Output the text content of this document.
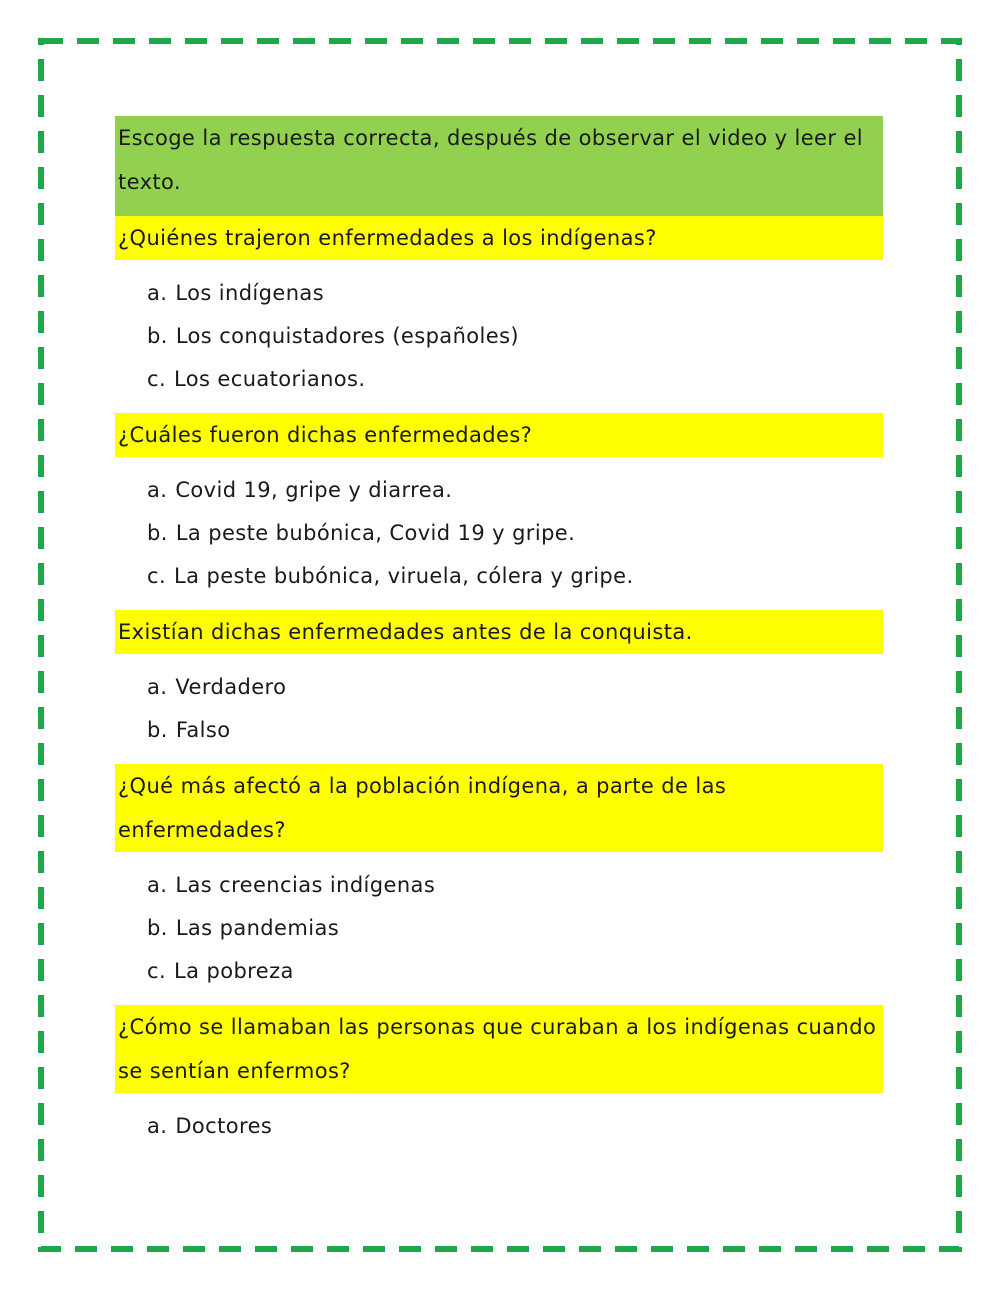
Escoge la respuesta correcta, después de observar el video y leer el texto.
¿Quiénes trajeron enfermedades a los indígenas?
a. Los indígenas
b. Los conquistadores (españoles)
c. Los ecuatorianos.
¿Cuáles fueron dichas enfermedades?
a. Covid 19, gripe y diarrea.
b. La peste bubónica, Covid 19 y gripe.
c. La peste bubónica, viruela, cólera y gripe.
Existían dichas enfermedades antes de la conquista.
a. Verdadero
b. Falso
¿Qué más afectó a la población indígena, a parte de las enfermedades?
a. Las creencias indígenas
b. Las pandemias
c. La pobreza
¿Cómo se llamaban las personas que curaban a los indígenas cuando se sentían enfermos?
a. Doctores
